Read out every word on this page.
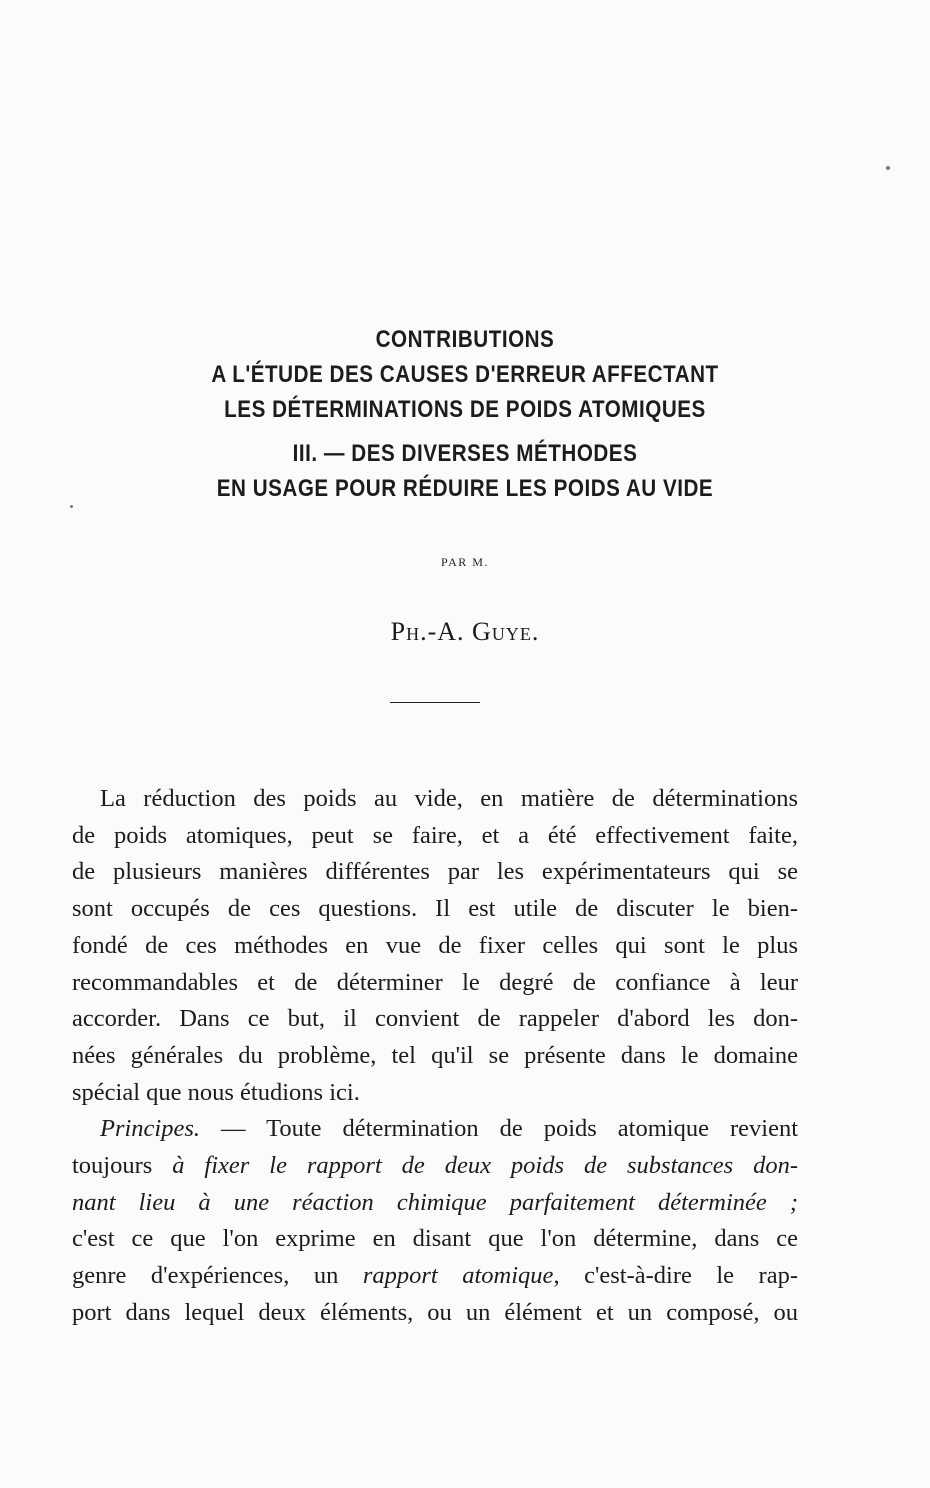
CONTRIBUTIONS
A L'ÉTUDE DES CAUSES D'ERREUR AFFECTANT
LES DÉTERMINATIONS DE POIDS ATOMIQUES
III. — DES DIVERSES MÉTHODES
EN USAGE POUR RÉDUIRE LES POIDS AU VIDE
PAR M.
Ph.-A. Guye.
La réduction des poids au vide, en matière de déterminations
de poids atomiques, peut se faire, et a été effectivement faite,
de plusieurs manières différentes par les expérimentateurs qui se
sont occupés de ces questions. Il est utile de discuter le bien-
fondé de ces méthodes en vue de fixer celles qui sont le plus
recommandables et de déterminer le degré de confiance à leur
accorder. Dans ce but, il convient de rappeler d'abord les don-
nées générales du problème, tel qu'il se présente dans le domaine
spécial que nous étudions ici.
Principes. — Toute détermination de poids atomique revient
toujours à fixer le rapport de deux poids de substances don-
nant lieu à une réaction chimique parfaitement déterminée ;
c'est ce que l'on exprime en disant que l'on détermine, dans ce
genre d'expériences, un rapport atomique, c'est-à-dire le rap-
port dans lequel deux éléments, ou un élément et un composé, ou
